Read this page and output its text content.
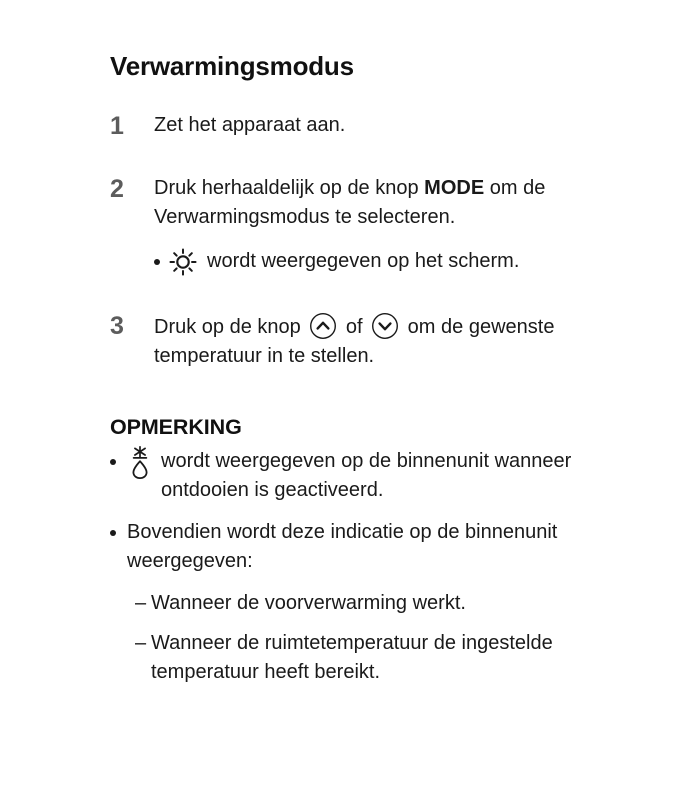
Verwarmingsmodus
1	Zet het apparaat aan.
2	Druk herhaaldelijk op de knop MODE om de Verwarmingsmodus te selecteren.
wordt weergegeven op het scherm.
3	Druk op de knop  of  om de gewenste temperatuur in te stellen.
OPMERKING
wordt weergegeven op de binnenunit wanneer ontdooien is geactiveerd.
Bovendien wordt deze indicatie op de binnenunit weergegeven:
– Wanneer de voorverwarming werkt.
– Wanneer de ruimtetemperatuur de ingestelde temperatuur heeft bereikt.
